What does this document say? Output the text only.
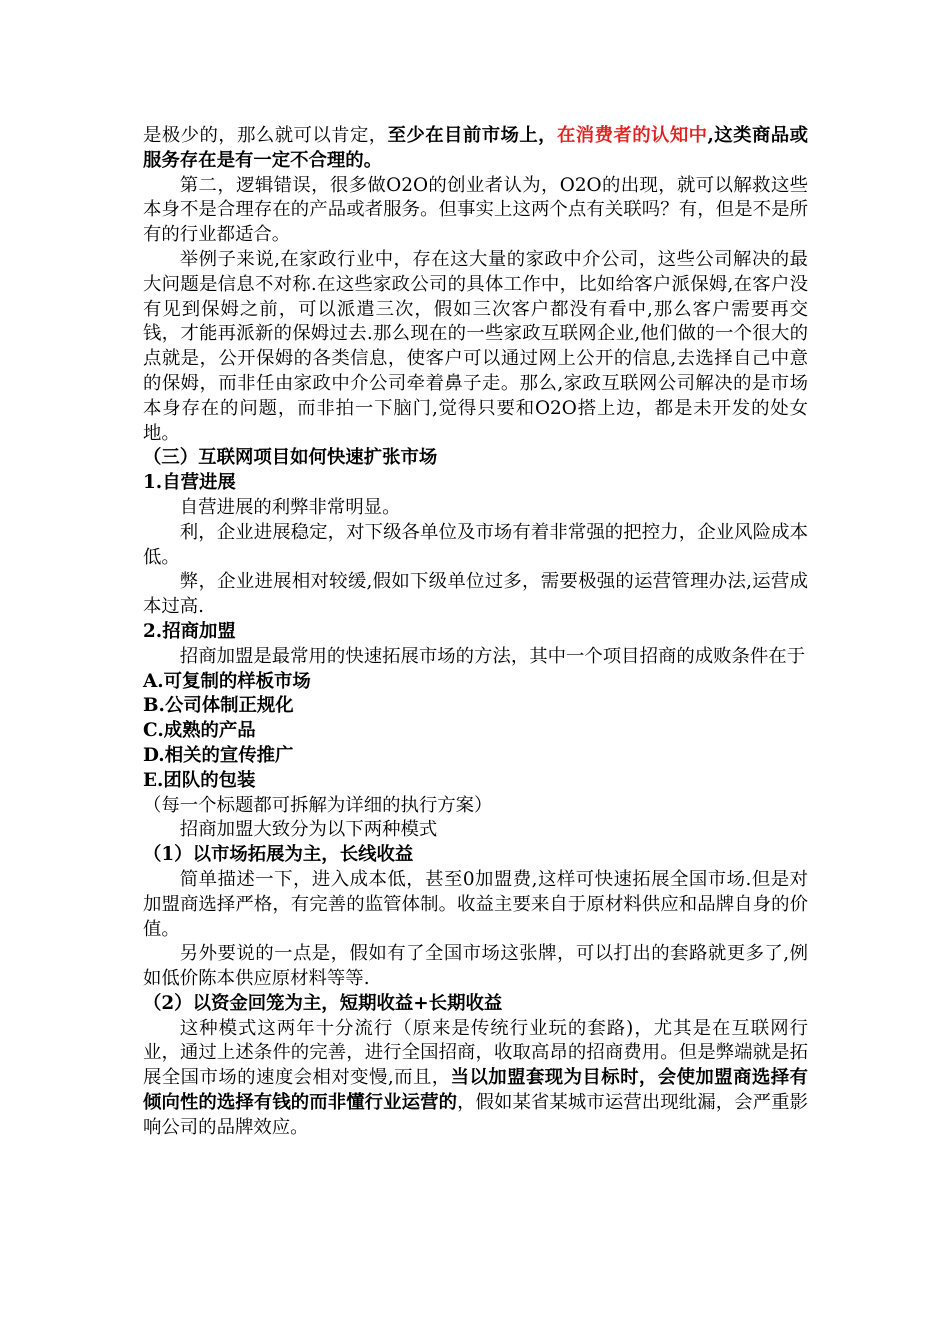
是极少的，那么就可以肯定，至少在目前市场上，在消费者的认知中,这类商品或服务存在是有一定不合理的。

第二，逻辑错误，很多做O2O的创业者认为，O2O的出现，就可以解救这些本身不是合理存在的产品或者服务。但事实上这两个点有关联吗？有，但是不是所有的行业都适合。

举例子来说,在家政行业中，存在这大量的家政中介公司，这些公司解决的最大问题是信息不对称.在这些家政公司的具体工作中，比如给客户派保姆,在客户没有见到保姆之前，可以派遣三次，假如三次客户都没有看中,那么客户需要再交钱，才能再派新的保姆过去.那么现在的一些家政互联网企业,他们做的一个很大的点就是，公开保姆的各类信息，使客户可以通过网上公开的信息,去选择自己中意的保姆，而非任由家政中介公司牵着鼻子走。那么,家政互联网公司解决的是市场本身存在的问题，而非拍一下脑门,觉得只要和O2O搭上边，都是未开发的处女地。

（三）互联网项目如何快速扩张市场

1.自营进展

自营进展的利弊非常明显。

利，企业进展稳定，对下级各单位及市场有着非常强的把控力，企业风险成本低。

弊，企业进展相对较缓,假如下级单位过多，需要极强的运营管理办法,运营成本过高.

2.招商加盟

招商加盟是最常用的快速拓展市场的方法，其中一个项目招商的成败条件在于

A.可复制的样板市场

B.公司体制正规化

C.成熟的产品

D.相关的宣传推广

E.团队的包装

（每一个标题都可拆解为详细的执行方案）

招商加盟大致分为以下两种模式

（1）以市场拓展为主，长线收益

简单描述一下，进入成本低，甚至0加盟费,这样可快速拓展全国市场.但是对加盟商选择严格，有完善的监管体制。收益主要来自于原材料供应和品牌自身的价值。

另外要说的一点是，假如有了全国市场这张牌，可以打出的套路就更多了,例如低价陈本供应原材料等等.

（2）以资金回笼为主，短期收益+长期收益

这种模式这两年十分流行（原来是传统行业玩的套路)，尤其是在互联网行业，通过上述条件的完善，进行全国招商，收取高昂的招商费用。但是弊端就是拓展全国市场的速度会相对变慢,而且，当以加盟套现为目标时，会使加盟商选择有倾向性的选择有钱的而非懂行业运营的，假如某省某城市运营出现纰漏，会严重影响公司的品牌效应。
